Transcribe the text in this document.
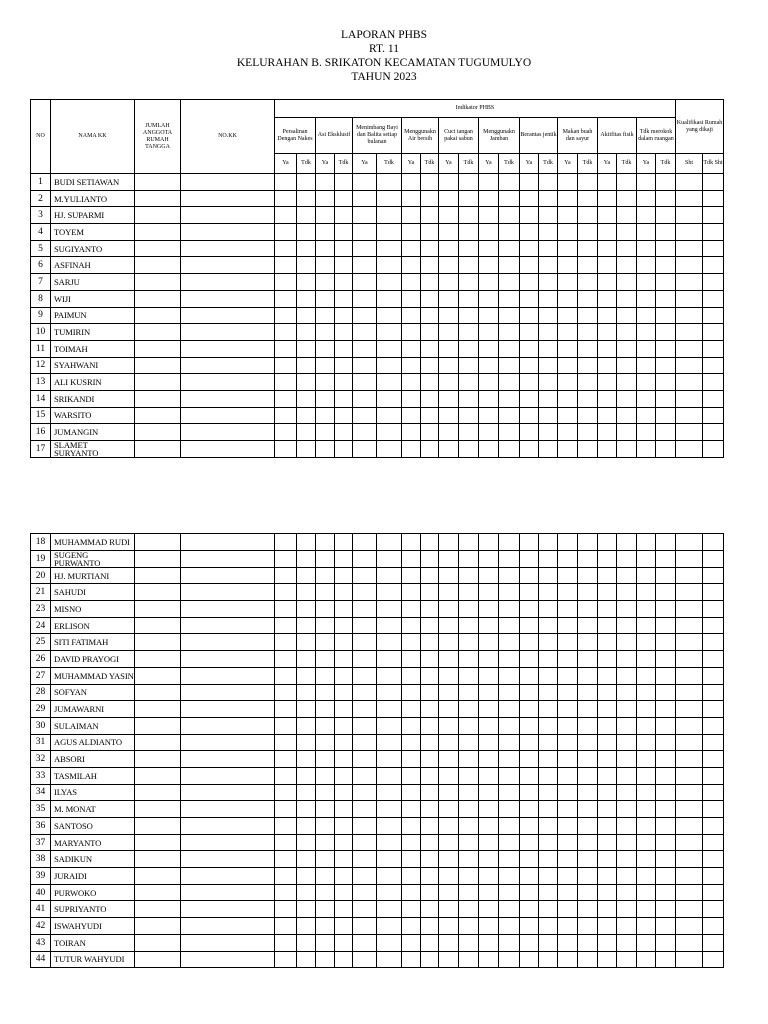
LAPORAN PHBS
RT. 11
KELURAHAN B. SRIKATON KECAMATAN TUGUMULYO
TAHUN 2023
NO	NAMA KK	JUMLAH ANGGOTA RUMAH TANGGA	NO.KK	Indikator PHBS																				Kualifikasi Rumah yang dikaji	
				Persalinan Dengan Nakes		Asi Eksklusif		Menimbang Bayi dan Balita setiap bulanan		Menggunakn Air bersih		Cuci tangan pakai sabun		Menggunakn Jamban		Berantas jentik		Makan buah dan sayur		Aktifitas fisik		Tdk merokok dalam ruangan			
				Ya	Tdk	Ya	Tdk	Ya	Tdk	Ya	Tdk	Ya	Tdk	Ya	Tdk	Ya	Tdk	Ya	Tdk	Ya	Tdk	Ya	Tdk	Sht	Tdk Sht
1	BUDI SETIAWAN																								
2	M.YULIANTO																								
3	HJ. SUPARMI																								
4	TOYEM																								
5	SUGIYANTO																								
6	ASFINAH																								
7	SARJU																								
8	WIJI																								
9	PAIMUN																								
10	TUMIRIN																								
11	TOIMAH																								
12	SYAHWANI																								
13	ALI KUSRIN																								
14	SRIKANDI																								
15	WARSITO																								
16	JUMANGIN																								
17	SLAMET SURYANTO																								
18	MUHAMMAD RUDI																								
19	SUGENG PURWANTO																								
20	HJ. MURTIANI																								
21	SAHUDI																								
23	MISNO																								
24	ERLISON																								
25	SITI FATIMAH																								
26	DAVID PRAYOGI																								
27	MUHAMMAD YASIN																								
28	SOFYAN																								
29	JUMAWARNI																								
30	SULAIMAN																								
31	AGUS ALDIANTO																								
32	ABSORI																								
33	TASMILAH																								
34	ILYAS																								
35	M. MONAT																								
36	SANTOSO																								
37	MARYANTO																								
38	SADIKUN																								
39	JURAIDI																								
40	PURWOKO																								
41	SUPRIYANTO																								
42	ISWAHYUDI																								
43	TOIRAN																								
44	TUTUR WAHYUDI																								
